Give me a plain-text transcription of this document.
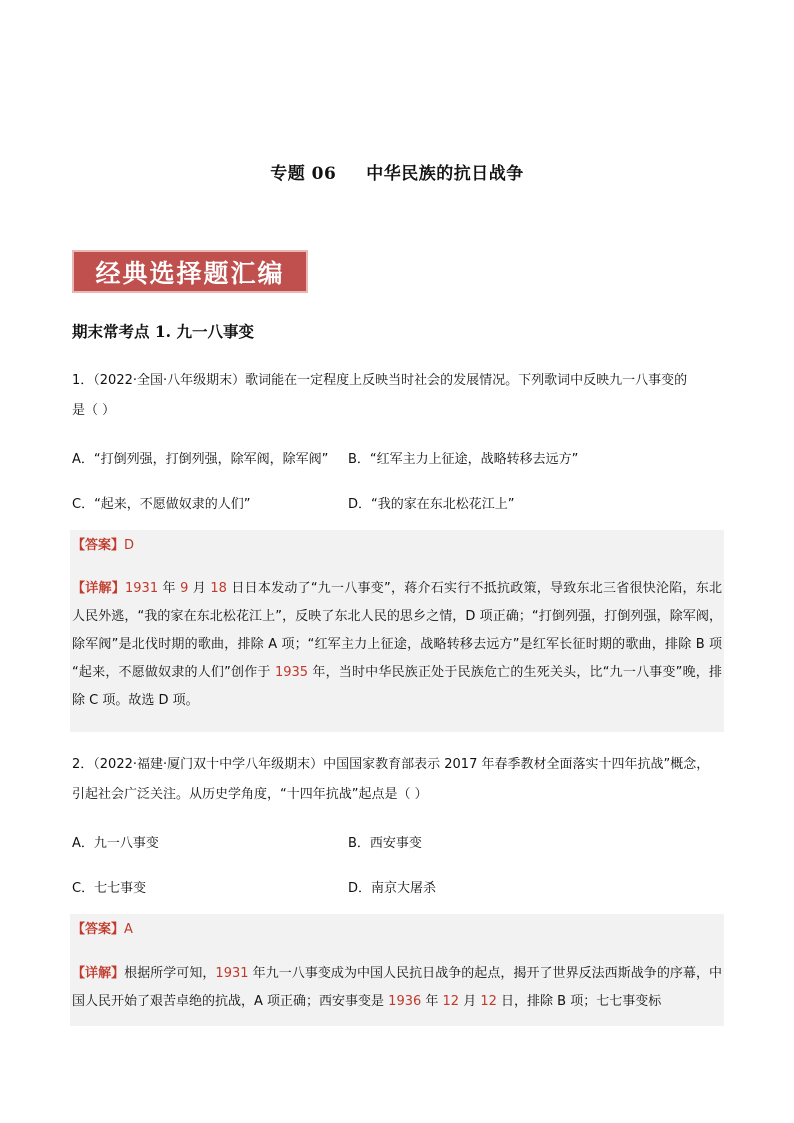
专题 06 中华民族的抗日战争
经典选择题汇编
期末常考点 1. 九一八事变
1．（2022·全国·八年级期末）歌词能在一定程度上反映当时社会的发展情况。下列歌词中反映九一八事变的
是（ ）
A．“打倒列强，打倒列强，除军阀，除军阀” B．“红军主力上征途，战略转移去远方”
C．“起来，不愿做奴隶的人们”	D．“我的家在东北松花江上”
【答案】D
【详解】1931 年 9 月 18 日日本发动了“九一八事变”，蒋介石实行不抵抗政策，导致东北三省很快沦陷，东北人民外逃，“我的家在东北松花江上”，反映了东北人民的思乡之情，D 项正确；“打倒列强，打倒列强，除军阀，除军阀”是北伐时期的歌曲，排除 A 项；“红军主力上征途，战略转移去远方”是红军长征时期的歌曲，排除 B 项 “起来，不愿做奴隶的人们”创作于 1935 年，当时中华民族正处于民族危亡的生死关头，比“九一八事变”晚，排除 C 项。故选 D 项。
2．（2022·福建·厦门双十中学八年级期末）中国国家教育部表示 2017 年春季教材全面落实十四年抗战”概念，
引起社会广泛关注。从历史学角度，“十四年抗战”起点是（ ）
A．九一八事变	B．西安事变
C．七七事变	D．南京大屠杀
【答案】A
【详解】根据所学可知，1931 年九一八事变成为中国人民抗日战争的起点，揭开了世界反法西斯战争的序幕，中国人民开始了艰苦卓绝的抗战，A 项正确；西安事变是 1936 年 12 月 12 日，排除 B 项；七七事变标
